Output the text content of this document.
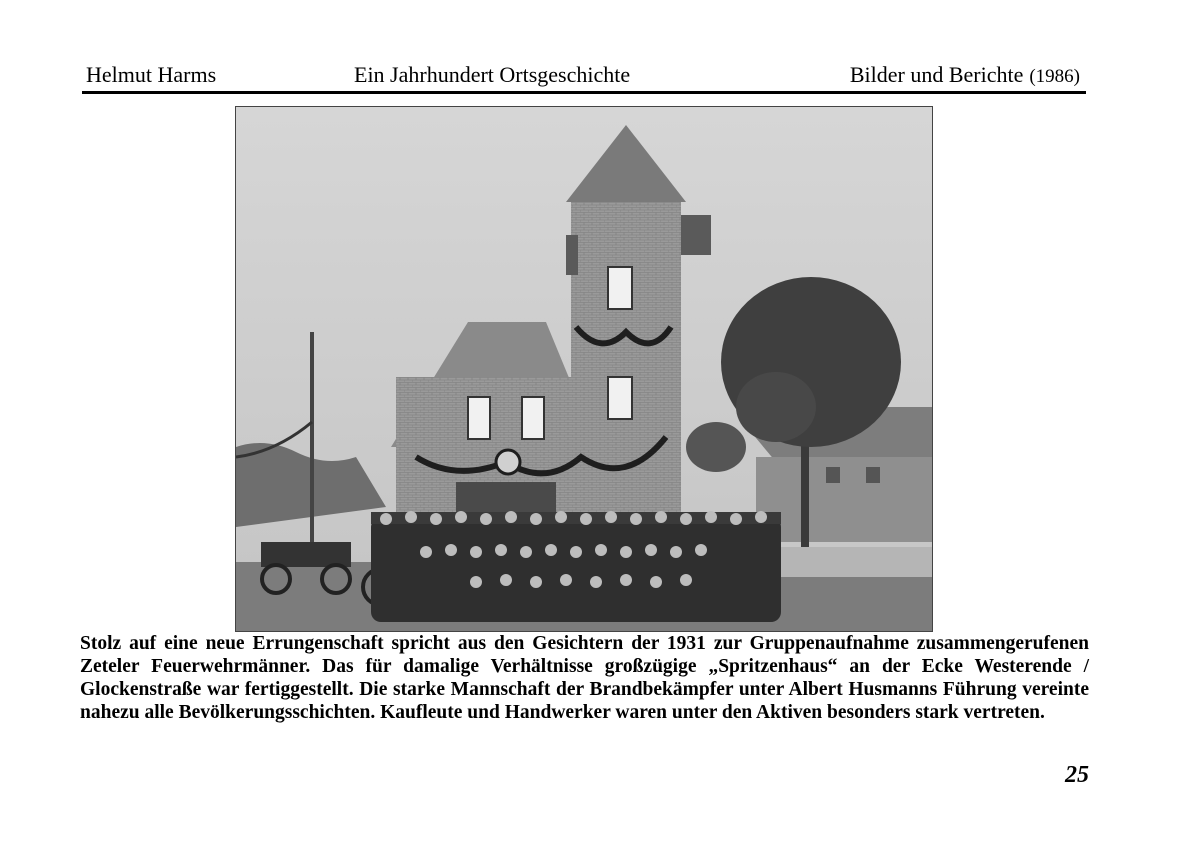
Helmut Harms	Ein Jahrhundert Ortsgeschichte	Bilder und Berichte (1986)
Stolz auf eine neue Errungenschaft spricht aus den Gesichtern der 1931 zur Gruppenaufnahme zusammengerufenen Zeteler Feuerwehrmänner. Das für damalige Verhältnisse großzügige „Spritzenhaus“ an der Ecke Westerende / Glockenstraße war fertiggestellt. Die starke Mannschaft der Brandbekämpfer unter Albert Husmanns Führung vereinte nahezu alle Bevölkerungsschichten. Kaufleute und Handwerker waren unter den Aktiven besonders stark vertreten.
25
